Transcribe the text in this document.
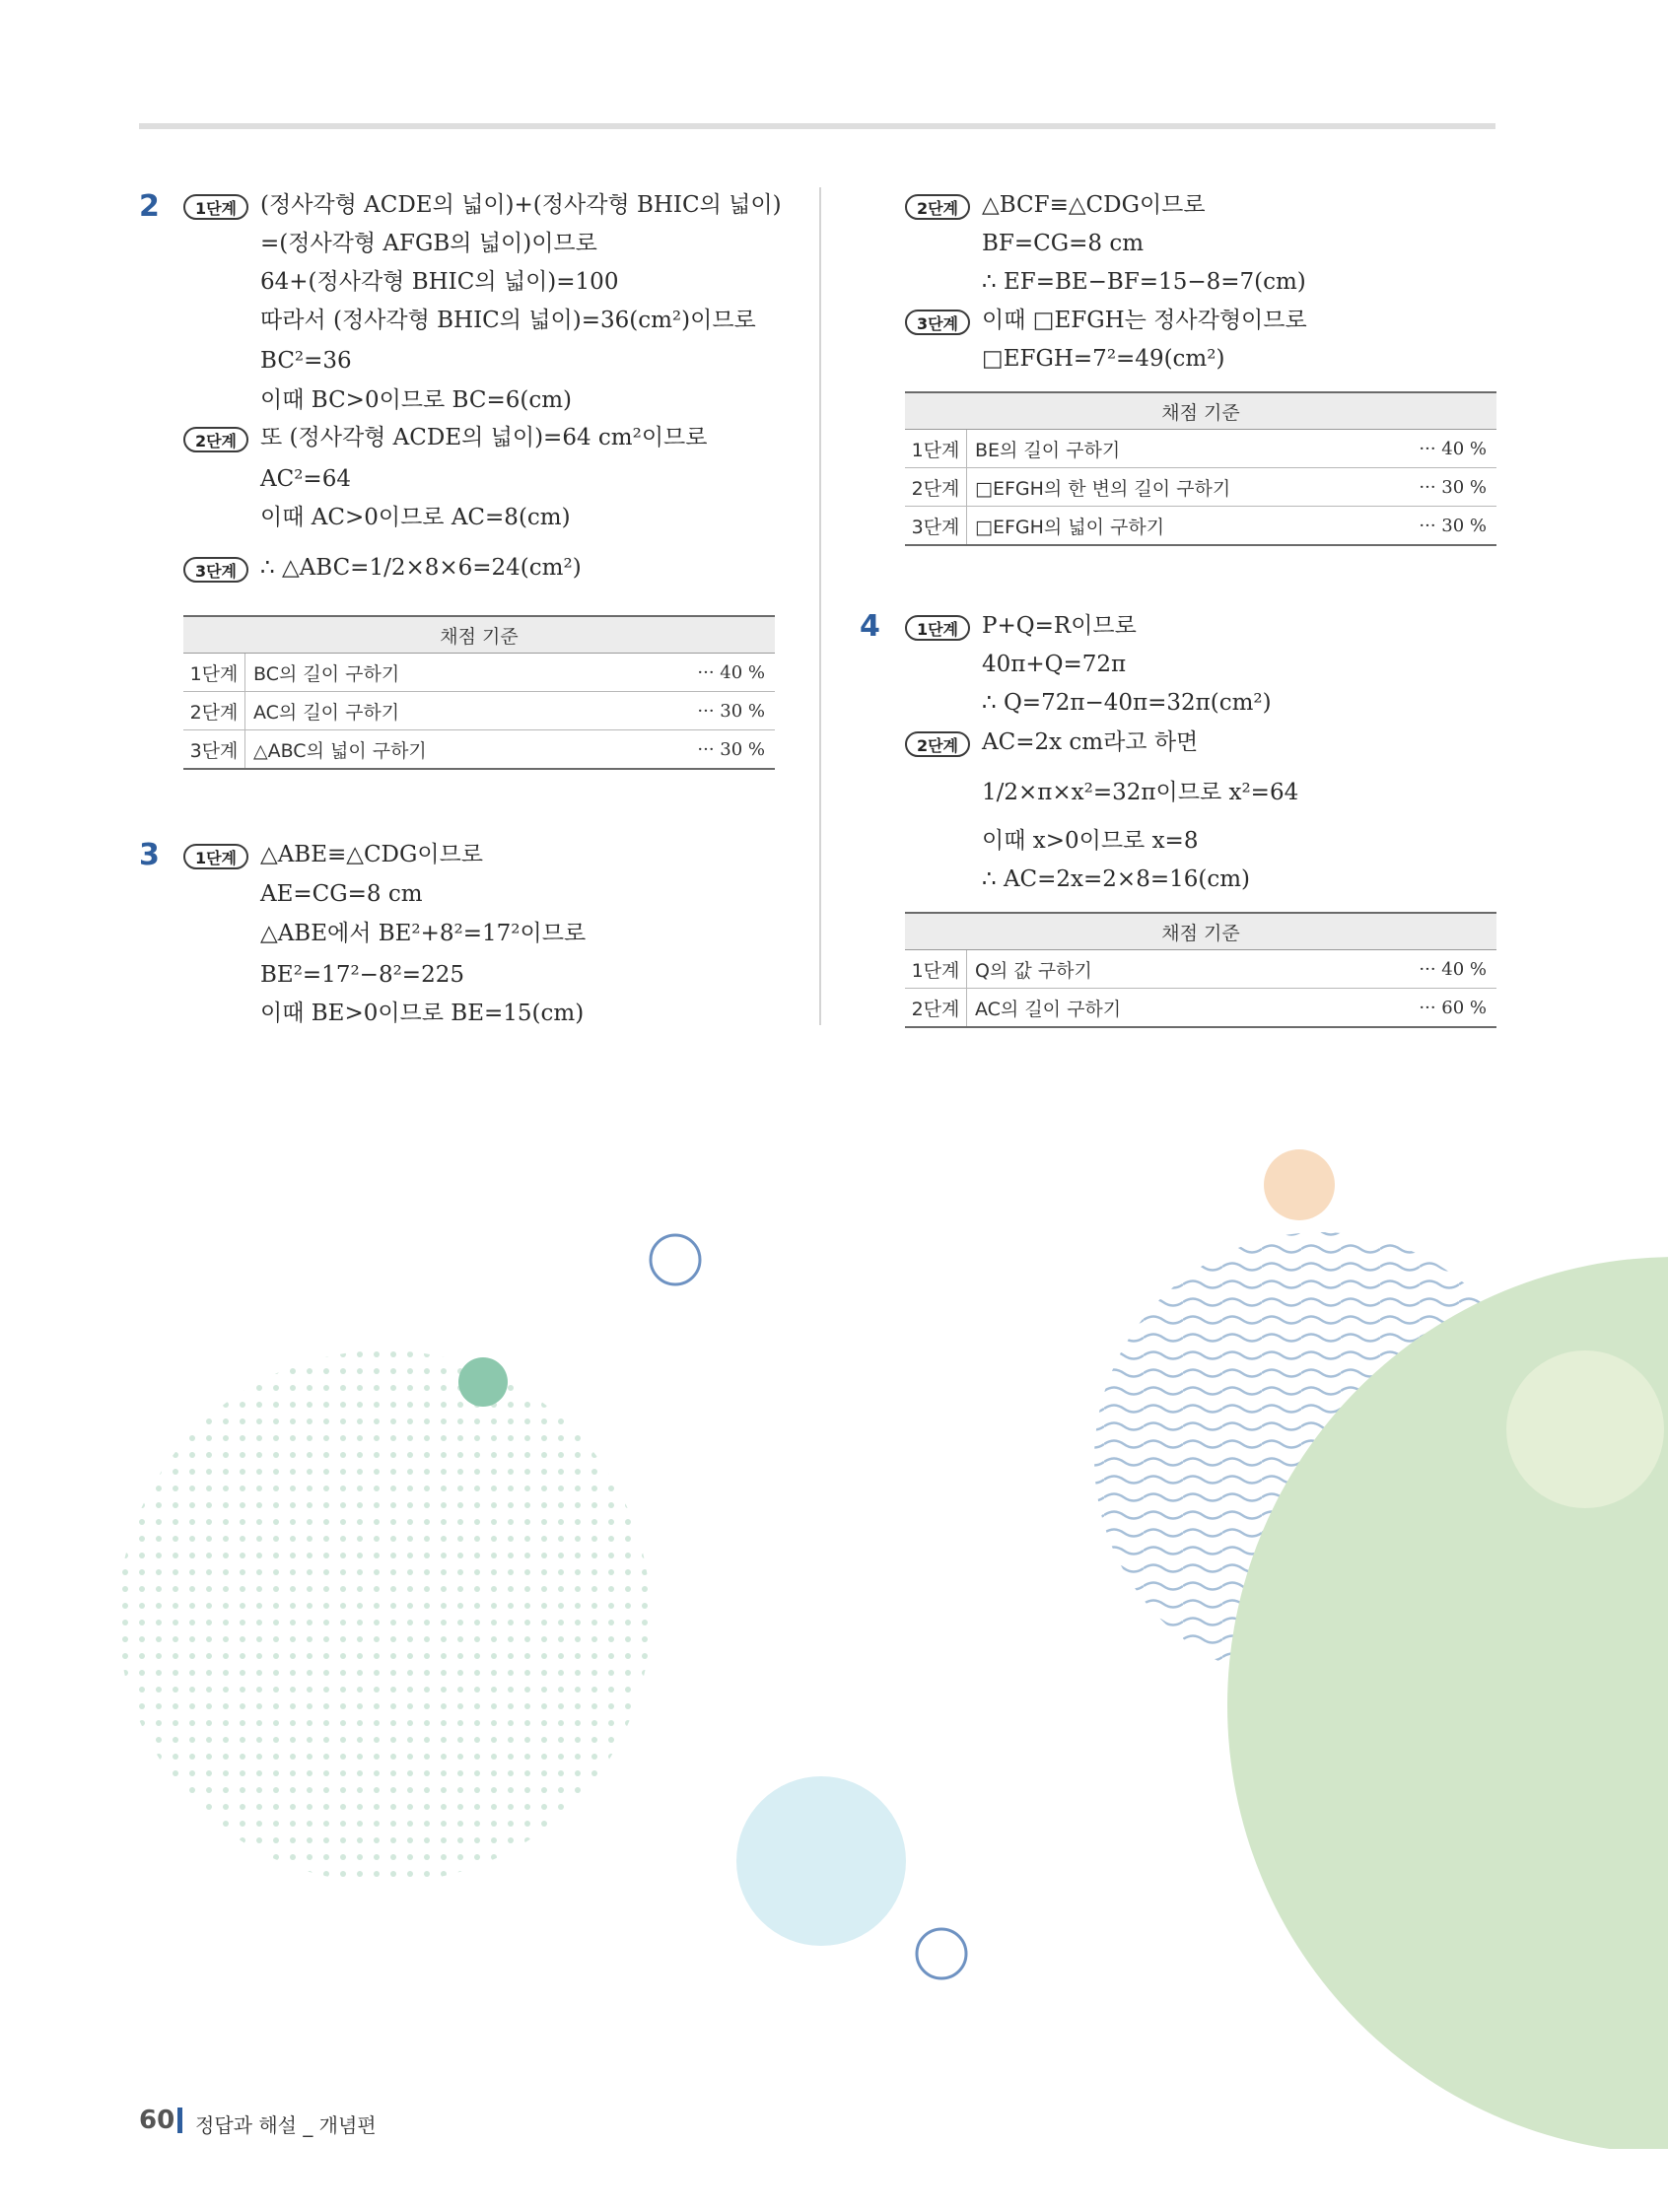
2	1단계	(정사각형 ACDE의 넓이)+(정사각형 BHIC의 넓이)
=(정사각형 AFGB의 넓이)이므로
64+(정사각형 BHIC의 넓이)=100
따라서 (정사각형 BHIC의 넓이)=36(cm²)이므로
BC²=36
이때 BC>0이므로 BC=6(cm)
2단계	또 (정사각형 ACDE의 넓이)=64 cm²이므로
AC²=64
이때 AC>0이므로 AC=8(cm)
3단계	∴ △ABC=1/2×8×6=24(cm²)
채점 기준		
1단계	BC의 길이 구하기	··· 40 %
2단계	AC의 길이 구하기	··· 30 %
3단계	△ABC의 넓이 구하기	··· 30 %
3	1단계	△ABE≡△CDG이므로
AE=CG=8 cm
△ABE에서 BE²+8²=17²이므로
BE²=17²−8²=225
이때 BE>0이므로 BE=15(cm)
2단계	△BCF≡△CDG이므로
BF=CG=8 cm
∴ EF=BE−BF=15−8=7(cm)
3단계	이때 □EFGH는 정사각형이므로
□EFGH=7²=49(cm²)
채점 기준		
1단계	BE의 길이 구하기	··· 40 %
2단계	□EFGH의 한 변의 길이 구하기	··· 30 %
3단계	□EFGH의 넓이 구하기	··· 30 %
4	1단계	P+Q=R이므로
40π+Q=72π
∴ Q=72π−40π=32π(cm²)
2단계	AC=2x cm라고 하면
1/2×π×x²=32π이므로 x²=64
이때 x>0이므로 x=8
∴ AC=2x=2×8=16(cm)
채점 기준		
1단계	Q의 값 구하기	··· 40 %
2단계	AC의 길이 구하기	··· 60 %
60 정답과 해설 _ 개념편
